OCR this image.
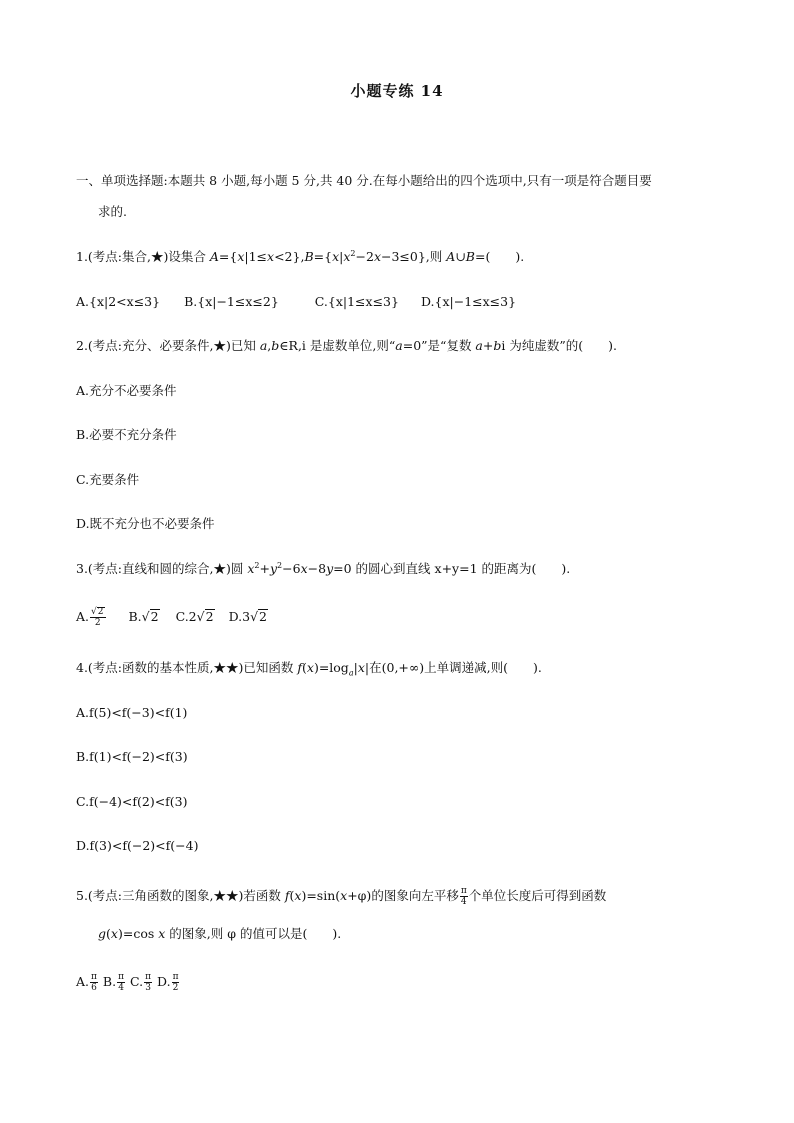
小题专练 14
一、单项选择题:本题共 8 小题,每小题 5 分,共 40 分.在每小题给出的四个选项中,只有一项是符合题目要
求的.
1.(考点:集合,★)设集合 $A=\{x|1\le x<2\},B=\{x|x^2-2x-3\le 0\}$,则 A∪B=(　　).
A.{x|2<x≤3} B.{x|−1≤x≤2}	C.{x|1≤x≤3} D.{x|−1≤x≤3}
2.(考点:充分、必要条件,★)已知 a,b∈R,i 是虚数单位,则“a=0”是“复数 a+bi 为纯虚数”的(　　).
A.充分不必要条件
B.必要不充分条件
C.充要条件
D.既不充分也不必要条件
3.(考点:直线和圆的综合,★)圆 $x^2+y^2-6x-8y=0$ 的圆心到直线 x+y=1 的距离为(　　).
A. $\frac{√2}{2} B.√2$ C.2√2 D.3√2
4.(考点:函数的基本性质,★★)已知函数 $f(x)=\log_a|x|$在(0,+∞)上单调递减,则(　　).
A.f(5)<f(−3)<f(1)
B.f(1)<f(−2)<f(3)
C.f(−4)<f(2)<f(3)
D.f(3)<f(−2)<f(−4)
5.(考点:三角函数的图象,★★)若函数 f(x)=sin(x+φ)的图象向左平移 $\frac{\pi}{4}$ 个单位长度后可得到函数
g(x)=cos x 的图象,则 φ 的值可以是(　　).
A. $\frac{\pi}{6} B$. $\frac{\pi}{4} C$. $\frac{\pi}{3} D$. $\frac{\pi}{2}$
